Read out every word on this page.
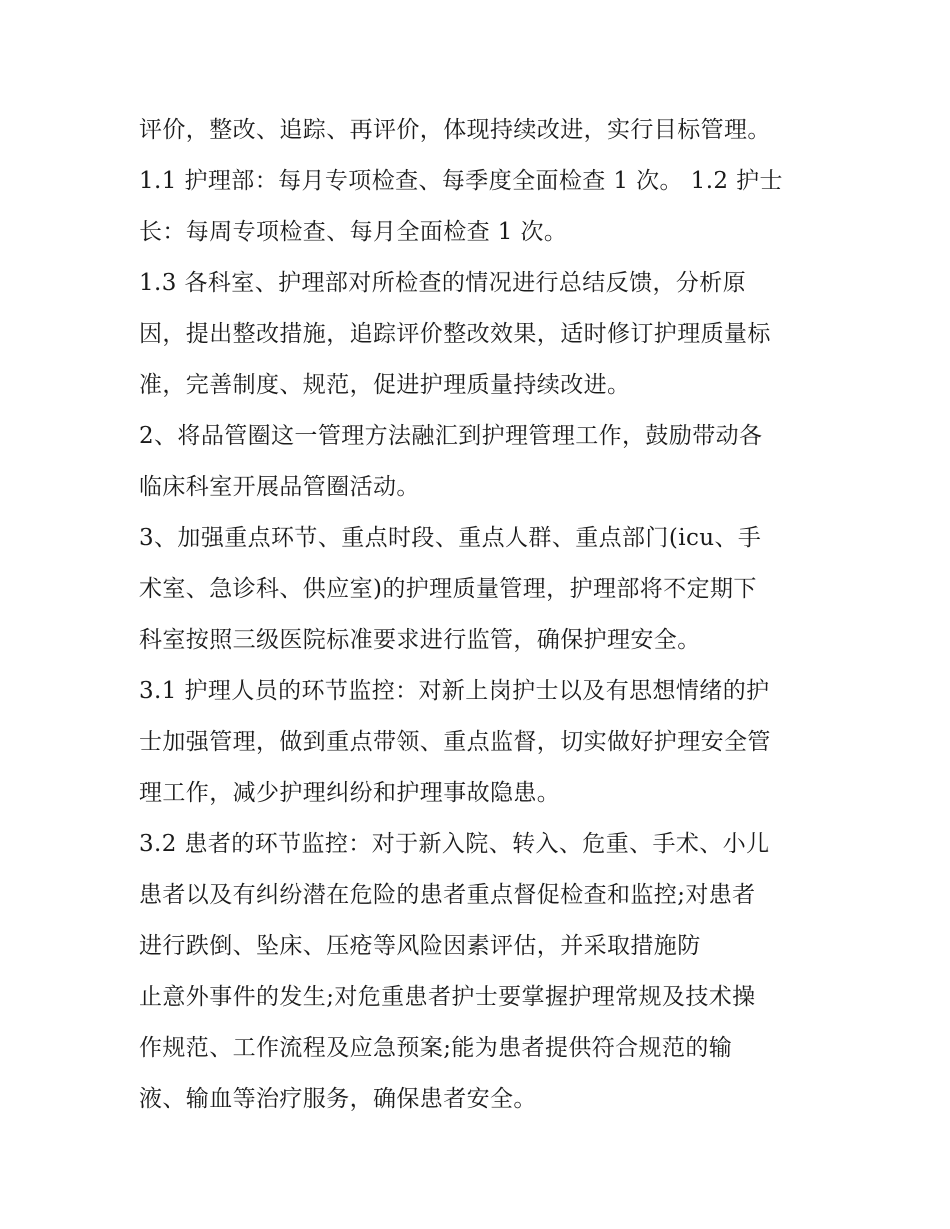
评价，整改、追踪、再评价，体现持续改进，实行目标管理。
1.1 护理部：每月专项检查、每季度全面检查 1 次。 1.2 护士
长：每周专项检查、每月全面检查 1 次。
1.3 各科室、护理部对所检查的情况进行总结反馈，分析原
因，提出整改措施，追踪评价整改效果，适时修订护理质量标
准，完善制度、规范，促进护理质量持续改进。
2、将品管圈这一管理方法融汇到护理管理工作，鼓励带动各
临床科室开展品管圈活动。
3、加强重点环节、重点时段、重点人群、重点部门(icu、手
术室、急诊科、供应室)的护理质量管理，护理部将不定期下
科室按照三级医院标准要求进行监管，确保护理安全。
3.1 护理人员的环节监控：对新上岗护士以及有思想情绪的护
士加强管理，做到重点带领、重点监督，切实做好护理安全管
理工作，减少护理纠纷和护理事故隐患。
3.2 患者的环节监控：对于新入院、转入、危重、手术、小儿
患者以及有纠纷潜在危险的患者重点督促检查和监控;对患者
进行跌倒、坠床、压疮等风险因素评估，并采取措施防
止意外事件的发生;对危重患者护士要掌握护理常规及技术操
作规范、工作流程及应急预案;能为患者提供符合规范的输
液、输血等治疗服务，确保患者安全。
